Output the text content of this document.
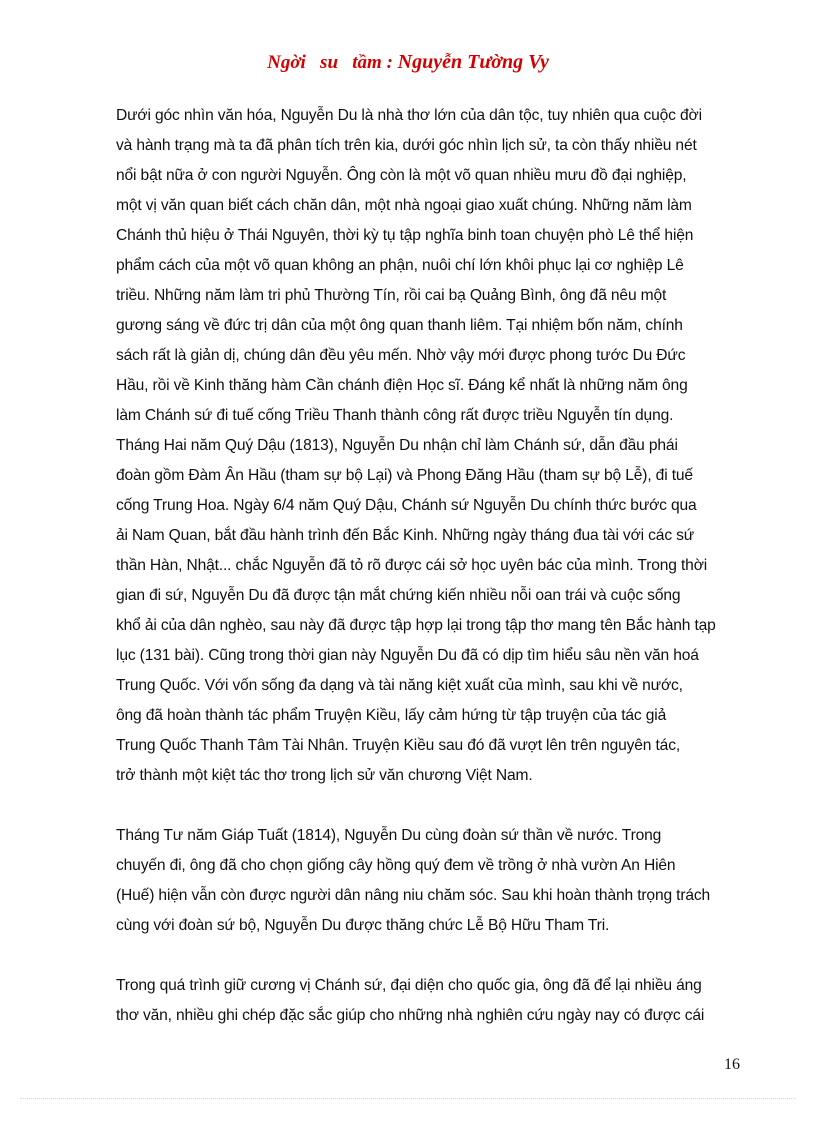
Ngời   su   tầm : Nguyễn Tường Vy

Dưới góc nhìn văn hóa, Nguyễn Du là nhà thơ lớn của dân tộc, tuy nhiên qua cuộc đời
và hành trạng mà ta đã phân tích trên kia, dưới góc nhìn lịch sử, ta còn thấy nhiều nét
nổi bật nữa ở con người Nguyễn. Ông còn là một võ quan nhiều mưu đồ đại nghiệp,
một vị văn quan biết cách chăn dân, một nhà ngoại giao xuất chúng. Những năm làm
Chánh thủ hiệu ở Thái Nguyên, thời kỳ tụ tập nghĩa binh toan chuyện phò Lê thể hiện
phẩm cách của một võ quan không an phận, nuôi chí lớn khôi phục lại cơ nghiệp Lê
triều. Những năm làm tri phủ Thường Tín, rồi cai bạ Quảng Bình, ông đã nêu một
gương sáng về đức trị dân của một ông quan thanh liêm. Tại nhiệm bốn năm, chính
sách rất là giản dị, chúng dân đều yêu mến. Nhờ vậy mới được phong tước Du Đức
Hầu, rồi về Kinh thăng hàm Cần chánh điện Học sĩ. Đáng kể nhất là những năm ông
làm Chánh sứ đi tuế cống Triều Thanh thành công rất được triều Nguyễn tín dụng.
Tháng Hai năm Quý Dậu (1813), Nguyễn Du nhận chỉ làm Chánh sứ, dẫn đầu phái
đoàn gồm Đàm Ân Hầu (tham sự bộ Lại) và Phong Đăng Hầu (tham sự bộ Lễ), đi tuế
cống Trung Hoa. Ngày 6/4 năm Quý Dậu, Chánh sứ Nguyễn Du chính thức bước qua
ải Nam Quan, bắt đầu hành trình đến Bắc Kinh. Những ngày tháng đua tài với các sứ
thần Hàn, Nhật... chắc Nguyễn đã tỏ rõ được cái sở học uyên bác của mình. Trong thời
gian đi sứ, Nguyễn Du đã được tận mắt chứng kiến nhiều nỗi oan trái và cuộc sống
khổ ải của dân nghèo, sau này đã được tập hợp lại trong tập thơ mang tên Bắc hành tạp
lục (131 bài). Cũng trong thời gian này Nguyễn Du đã có dịp tìm hiểu sâu nền văn hoá
Trung Quốc. Với vốn sống đa dạng và tài năng kiệt xuất của mình, sau khi về nước,
ông đã hoàn thành tác phẩm Truyện Kiều, lấy cảm hứng từ tập truyện của tác giả
Trung Quốc Thanh Tâm Tài Nhân. Truyện Kiều sau đó đã vượt lên trên nguyên tác,
trở thành một kiệt tác thơ trong lịch sử văn chương Việt Nam.

Tháng Tư năm Giáp Tuất (1814), Nguyễn Du cùng đoàn sứ thần về nước. Trong
chuyến đi, ông đã cho chọn giống cây hồng quý đem về trồng ở nhà vườn An Hiên
(Huế) hiện vẫn còn được người dân nâng niu chăm sóc. Sau khi hoàn thành trọng trách
cùng với đoàn sứ bộ, Nguyễn Du được thăng chức Lễ Bộ Hữu Tham Tri.

Trong quá trình giữ cương vị Chánh sứ, đại diện cho quốc gia, ông đã để lại nhiều áng
thơ văn, nhiều ghi chép đặc sắc giúp cho những nhà nghiên cứu ngày nay có được cái

16
